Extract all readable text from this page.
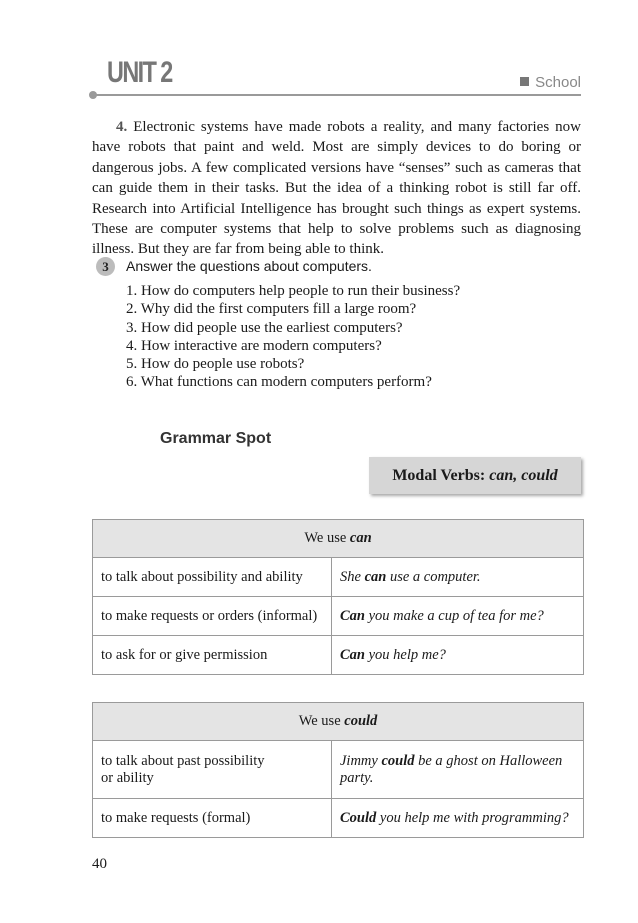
UNIT 2	School
4. Electronic systems have made robots a reality, and many factories now have robots that paint and weld. Most are simply devices to do boring or dangerous jobs. A few complicated versions have “senses” such as cameras that can guide them in their tasks. But the idea of a thinking robot is still far off. Research into Artificial Intelligence has brought such things as expert systems. These are computer systems that help to solve problems such as diagnosing illness. But they are far from being able to think.
3	Answer the questions about computers.
1. How do computers help people to run their business?
2. Why did the first computers fill a large room?
3. How did people use the earliest computers?
4. How interactive are modern computers?
5. How do people use robots?
6. What functions can modern computers perform?
Grammar Spot
Modal Verbs: can, could
We use can	
to talk about possibility and ability	She can use a computer.
to make requests or orders (informal)	Can you make a cup of tea for me?
to ask for or give permission	Can you help me?
We use could	
to talk about past possibility
or ability	Jimmy could be a ghost on Halloween party.
to make requests (formal)	Could you help me with programming?
40
